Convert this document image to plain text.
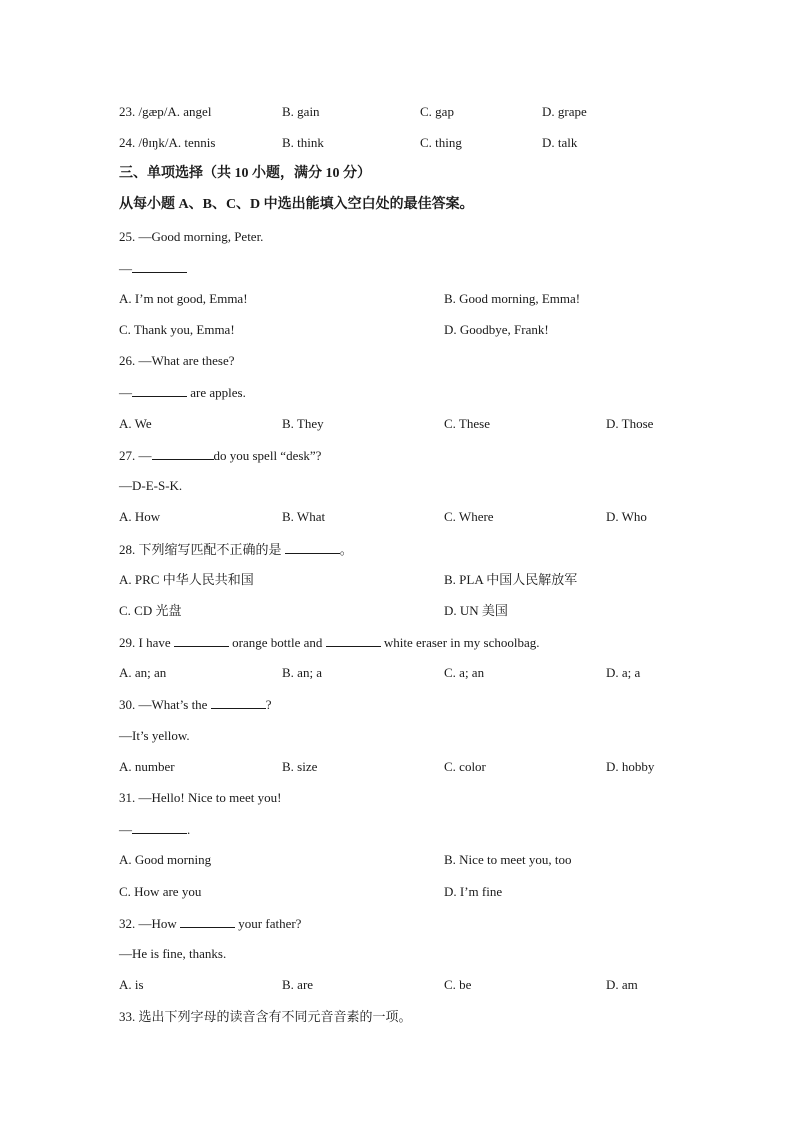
23. /gæp/A. angel	B. gain	C. gap	D. grape
24. /θɪŋk/A. tennis	B. think	C. thing	D. talk
三、单项选择（共 10 小题，满分 10 分）
从每小题 A、B、C、D 中选出能填入空白处的最佳答案。
25. —Good morning, Peter.
—
A. I’m not good, Emma!	B. Good morning, Emma!
C. Thank you, Emma!	D. Goodbye, Frank!
26. —What are these?
—	are apples.
A. We	B. They	C. These	D. Those
27. —	do you spell “desk”?
—D-E-S-K.
A. How	B. What	C. Where	D. Who
28. 下列缩写匹配不正确的是	。
A. PRC 中华人民共和国	B. PLA 中国人民解放军
C. CD 光盘	D. UN 美国
29. I have	orange bottle and	white eraser in my schoolbag.
A. an; an	B. an; a	C. a; an	D. a; a
30. —What’s the	?
—It’s yellow.
A. number	B. size	C. color	D. hobby
31. —Hello! Nice to meet you!
—	.
A. Good morning	B. Nice to meet you, too
C. How are you	D. I’m fine
32. —How	your father?
—He is fine, thanks.
A. is	B. are	C. be	D. am
33. 选出下列字母的读音含有不同元音音素的一项。
